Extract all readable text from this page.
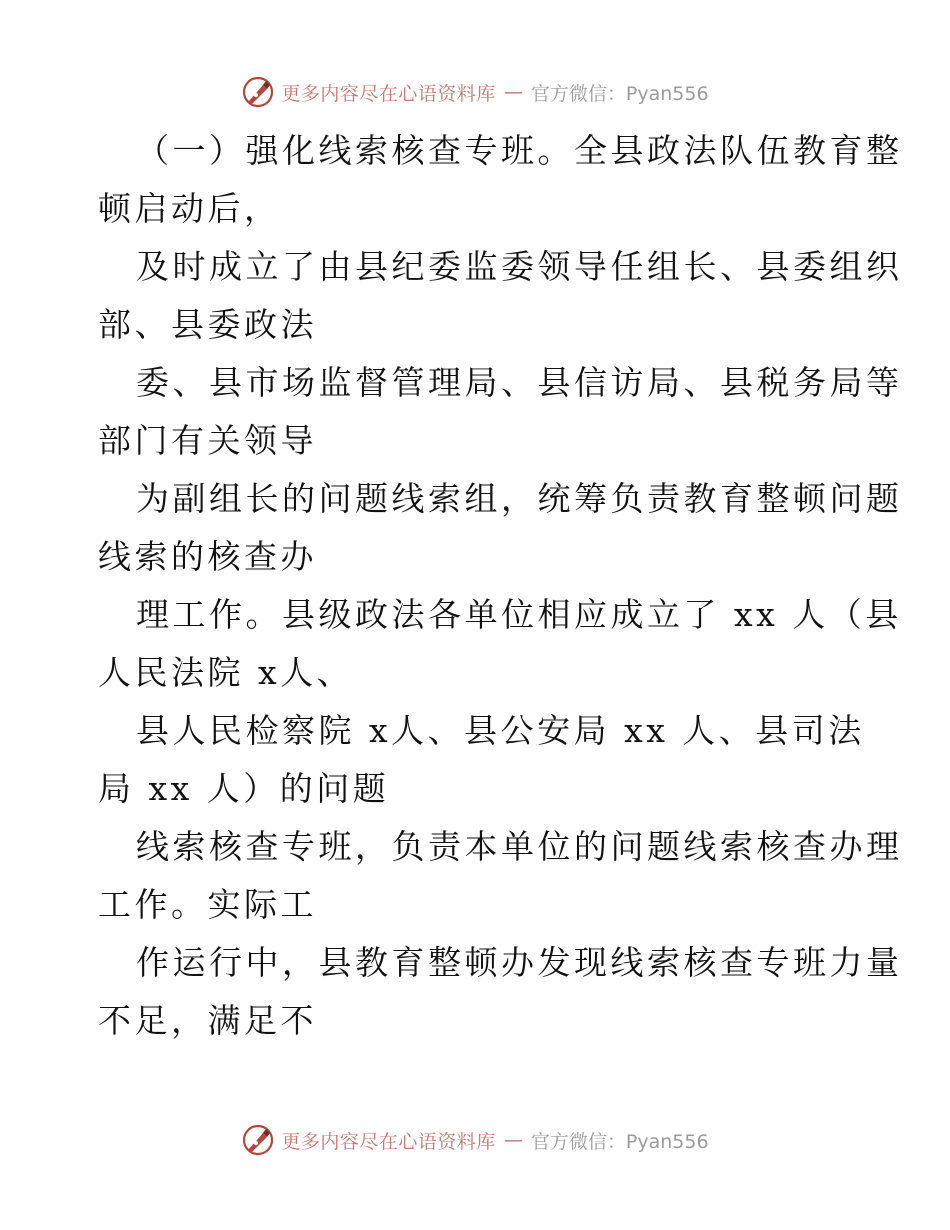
更多内容尽在心语资料库 — 官方微信：Pyan556
（一）强化线索核查专班。全县政法队伍教育整
顿启动后，
及时成立了由县纪委监委领导任组长、县委组织
部、县委政法
委、县市场监督管理局、县信访局、县税务局等
部门有关领导
为副组长的问题线索组，统筹负责教育整顿问题
线索的核查办
理工作。县级政法各单位相应成立了 xx 人（县
人民法院 x人、
县人民检察院 x人、县公安局 xx 人、县司法
局 xx 人）的问题
线索核查专班，负责本单位的问题线索核查办理
工作。实际工
作运行中，县教育整顿办发现线索核查专班力量
不足，满足不
更多内容尽在心语资料库 — 官方微信：Pyan556
